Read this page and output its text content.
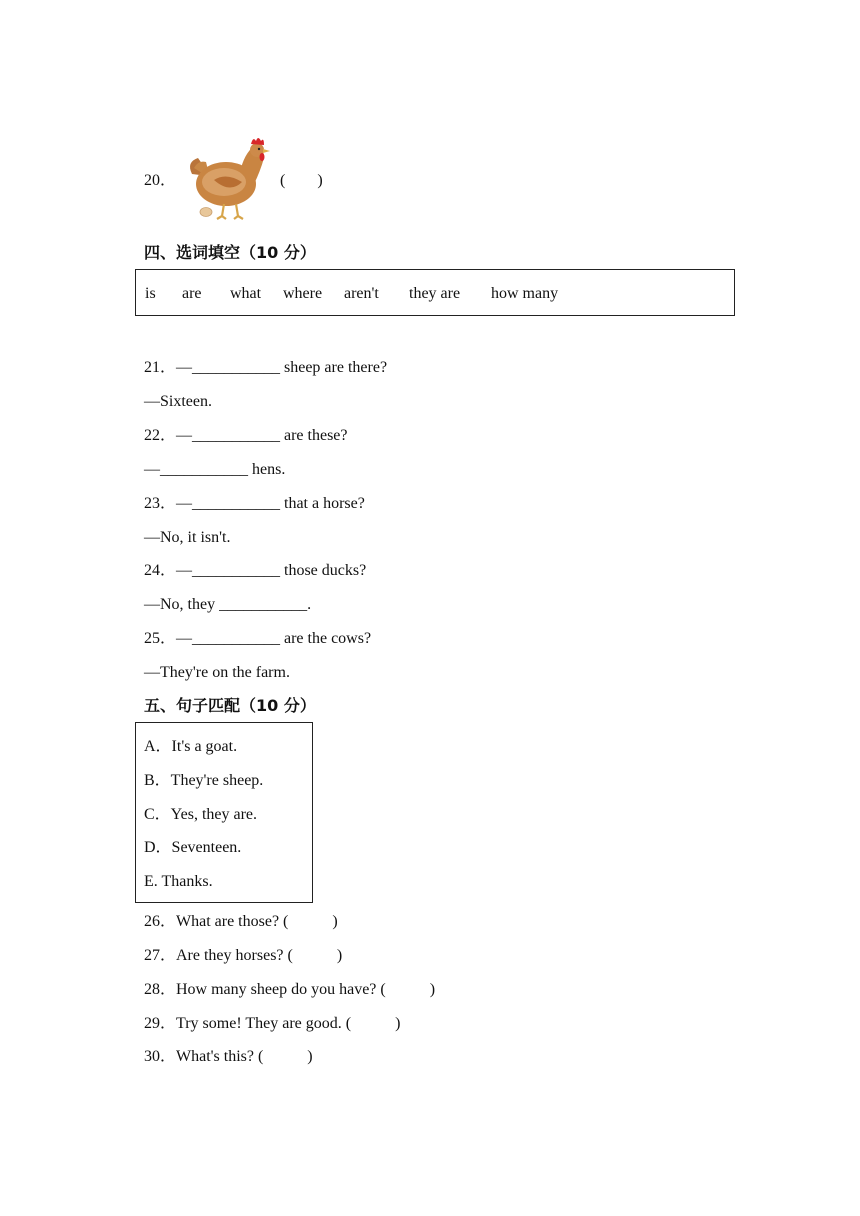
20．	(        )
四、选词填空（10 分）
is are what where aren't they are how many
21．—___________ sheep are there?
—Sixteen.
22．—___________ are these?
—___________ hens.
23．—___________ that a horse?
—No, it isn't.
24．—___________ those ducks?
—No, they ___________.
25．—___________ are the cows?
—They're on the farm.
五、句子匹配（10 分）
A．It's a goat.
B．They're sheep.
C．Yes, they are.
D．Seventeen.
E. Thanks.
26．What are those? (           )
27．Are they horses? (           )
28．How many sheep do you have? (           )
29．Try some! They are good. (           )
30．What's this? (           )
